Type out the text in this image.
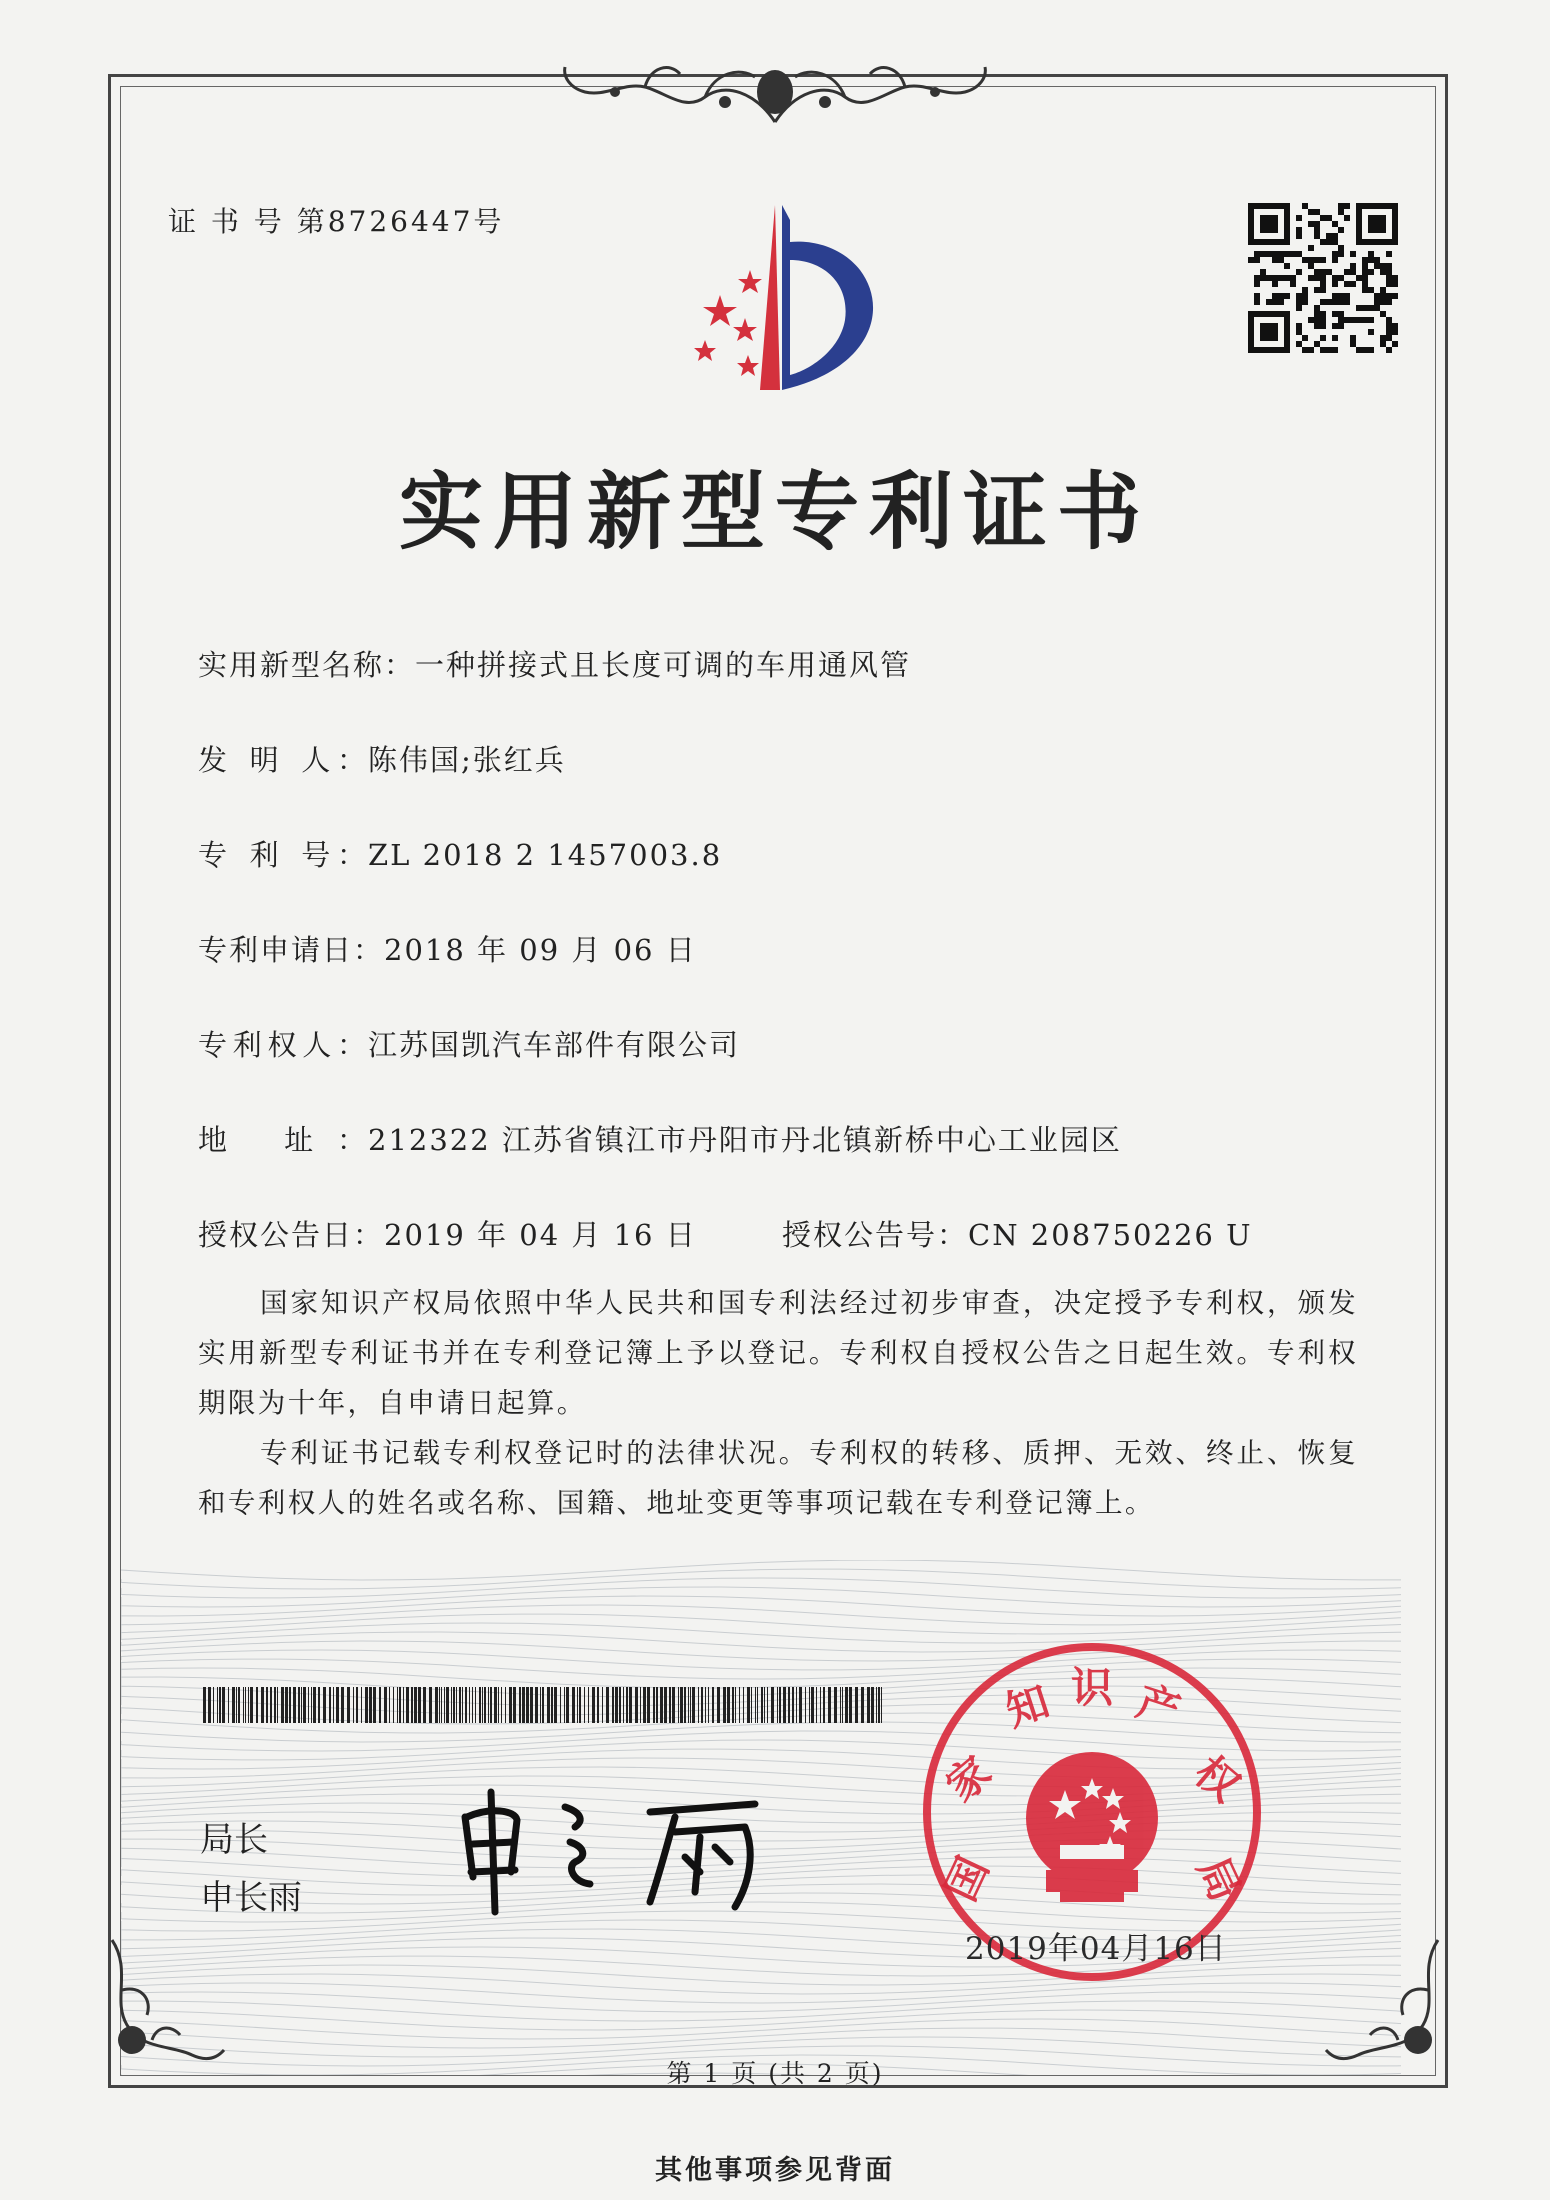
证 书 号 第8726447号
实用新型专利证书
实用新型名称：一种拼接式且长度可调的车用通风管
发 明 人：陈伟国;张红兵
专 利 号：ZL 2018 2 1457003.8
专利申请日：2018 年 09 月 06 日
专利权人：江苏国凯汽车部件有限公司
地 址：212322 江苏省镇江市丹阳市丹北镇新桥中心工业园区
授权公告日：2019 年 04 月 16 日	授权公告号：CN 208750226 U
国家知识产权局依照中华人民共和国专利法经过初步审查，决定授予专利权，颁发实用新型专利证书并在专利登记簿上予以登记。专利权自授权公告之日起生效。专利权期限为十年，自申请日起算。
专利证书记载专利权登记时的法律状况。专利权的转移、质押、无效、终止、恢复和专利权人的姓名或名称、国籍、地址变更等事项记载在专利登记簿上。
局长
申长雨	国
家
知 识 产
权
局
2019年04月16日
第 1 页 (共 2 页)
其他事项参见背面
